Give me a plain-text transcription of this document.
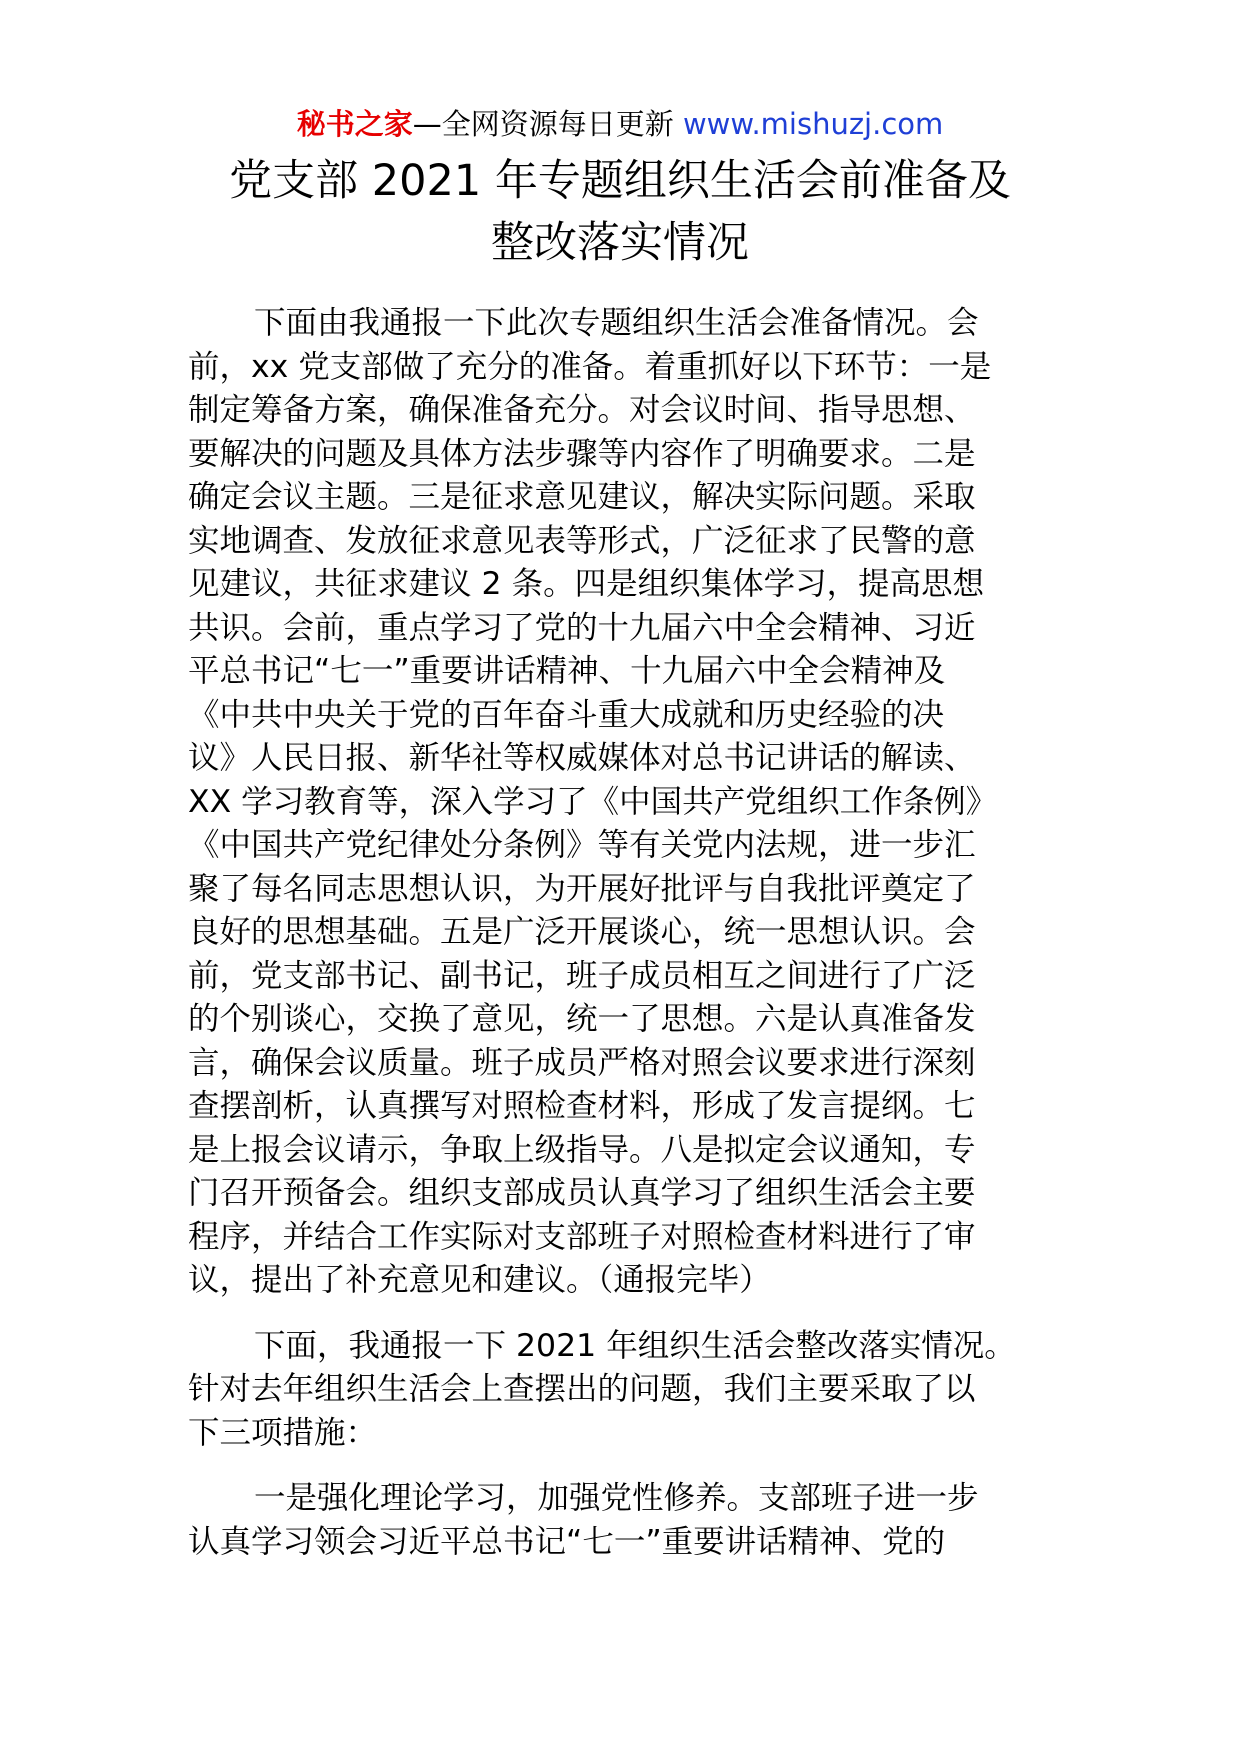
秘书之家—全网资源每日更新 www.mishuzj.com
党支部 2021 年专题组织生活会前准备及
整改落实情况

下面由我通报一下此次专题组织生活会准备情况。会
前，xx 党支部做了充分的准备。着重抓好以下环节：一是
制定筹备方案，确保准备充分。对会议时间、指导思想、
要解决的问题及具体方法步骤等内容作了明确要求。二是
确定会议主题。三是征求意见建议，解决实际问题。采取
实地调查、发放征求意见表等形式，广泛征求了民警的意
见建议，共征求建议 2 条。四是组织集体学习，提高思想
共识。会前，重点学习了党的十九届六中全会精神、习近
平总书记“七一”重要讲话精神、十九届六中全会精神及
《中共中央关于党的百年奋斗重大成就和历史经验的决
议》人民日报、新华社等权威媒体对总书记讲话的解读、
XX 学习教育等，深入学习了《中国共产党组织工作条例》
《中国共产党纪律处分条例》等有关党内法规，进一步汇
聚了每名同志思想认识，为开展好批评与自我批评奠定了
良好的思想基础。五是广泛开展谈心，统一思想认识。会
前，党支部书记、副书记，班子成员相互之间进行了广泛
的个别谈心，交换了意见，统一了思想。六是认真准备发
言，确保会议质量。班子成员严格对照会议要求进行深刻
查摆剖析，认真撰写对照检查材料，形成了发言提纲。七
是上报会议请示，争取上级指导。八是拟定会议通知，专
门召开预备会。组织支部成员认真学习了组织生活会主要
程序，并结合工作实际对支部班子对照检查材料进行了审
议，提出了补充意见和建议。（通报完毕）

下面，我通报一下 2021 年组织生活会整改落实情况。
针对去年组织生活会上查摆出的问题，我们主要采取了以
下三项措施：

一是强化理论学习，加强党性修养。支部班子进一步
认真学习领会习近平总书记“七一”重要讲话精神、党的
